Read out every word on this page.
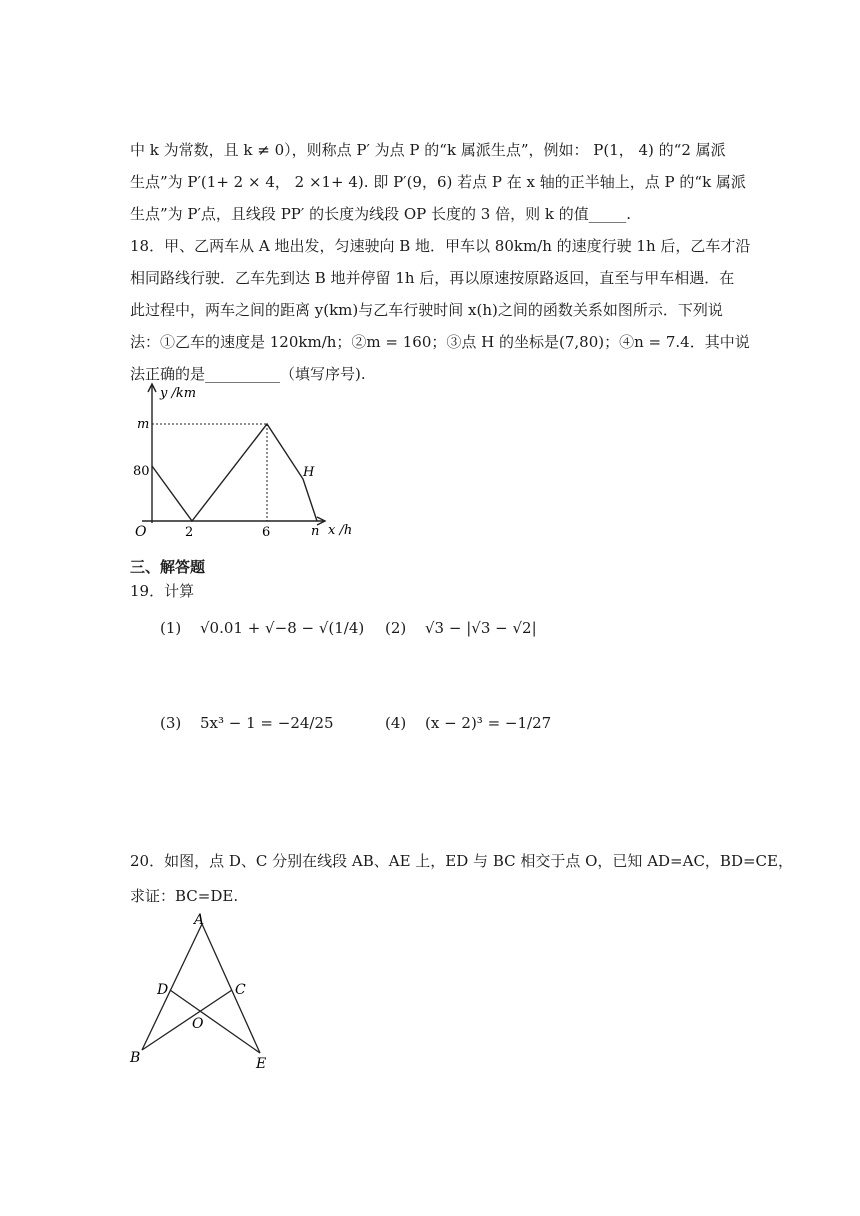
中 k 为常数，且 k ≠ 0），则称点 P′ 为点 P 的“k 属派生点”，例如： P(1， 4) 的“2 属派
生点”为 P′(1+ 2 × 4， 2 ×1+ 4). 即 P′(9，6) 若点 P 在 x 轴的正半轴上，点 P 的“k 属派
生点”为 P′点，且线段 PP′ 的长度为线段 OP 长度的 3 倍，则 k 的值_____.
18．甲、乙两车从 A 地出发，匀速驶向 B 地．甲车以 80km/h 的速度行驶 1h 后，乙车才沿
相同路线行驶．乙车先到达 B 地并停留 1h 后，再以原速按原路返回，直至与甲车相遇．在
此过程中，两车之间的距离 y(km)与乙车行驶时间 x(h)之间的函数关系如图所示．下列说
法：①乙车的速度是 120km/h；②m = 160；③点 H 的坐标是(7,80)；④n = 7.4．其中说
法正确的是__________（填写序号).
y /km
m
80
O	2	6	n x /h
H
三、解答题
19．计算
(1) √0.01 + √−8 − √(1/4) (2) √3 − |√3 − √2|
(3) 5x³ − 1 = −24/25	(4) (x − 2)³ = −1/27
20．如图，点 D、C 分别在线段 AB、AE 上，ED 与 BC 相交于点 O，已知 AD=AC，BD=CE，
求证：BC=DE.
A
D	C
O
B	E
